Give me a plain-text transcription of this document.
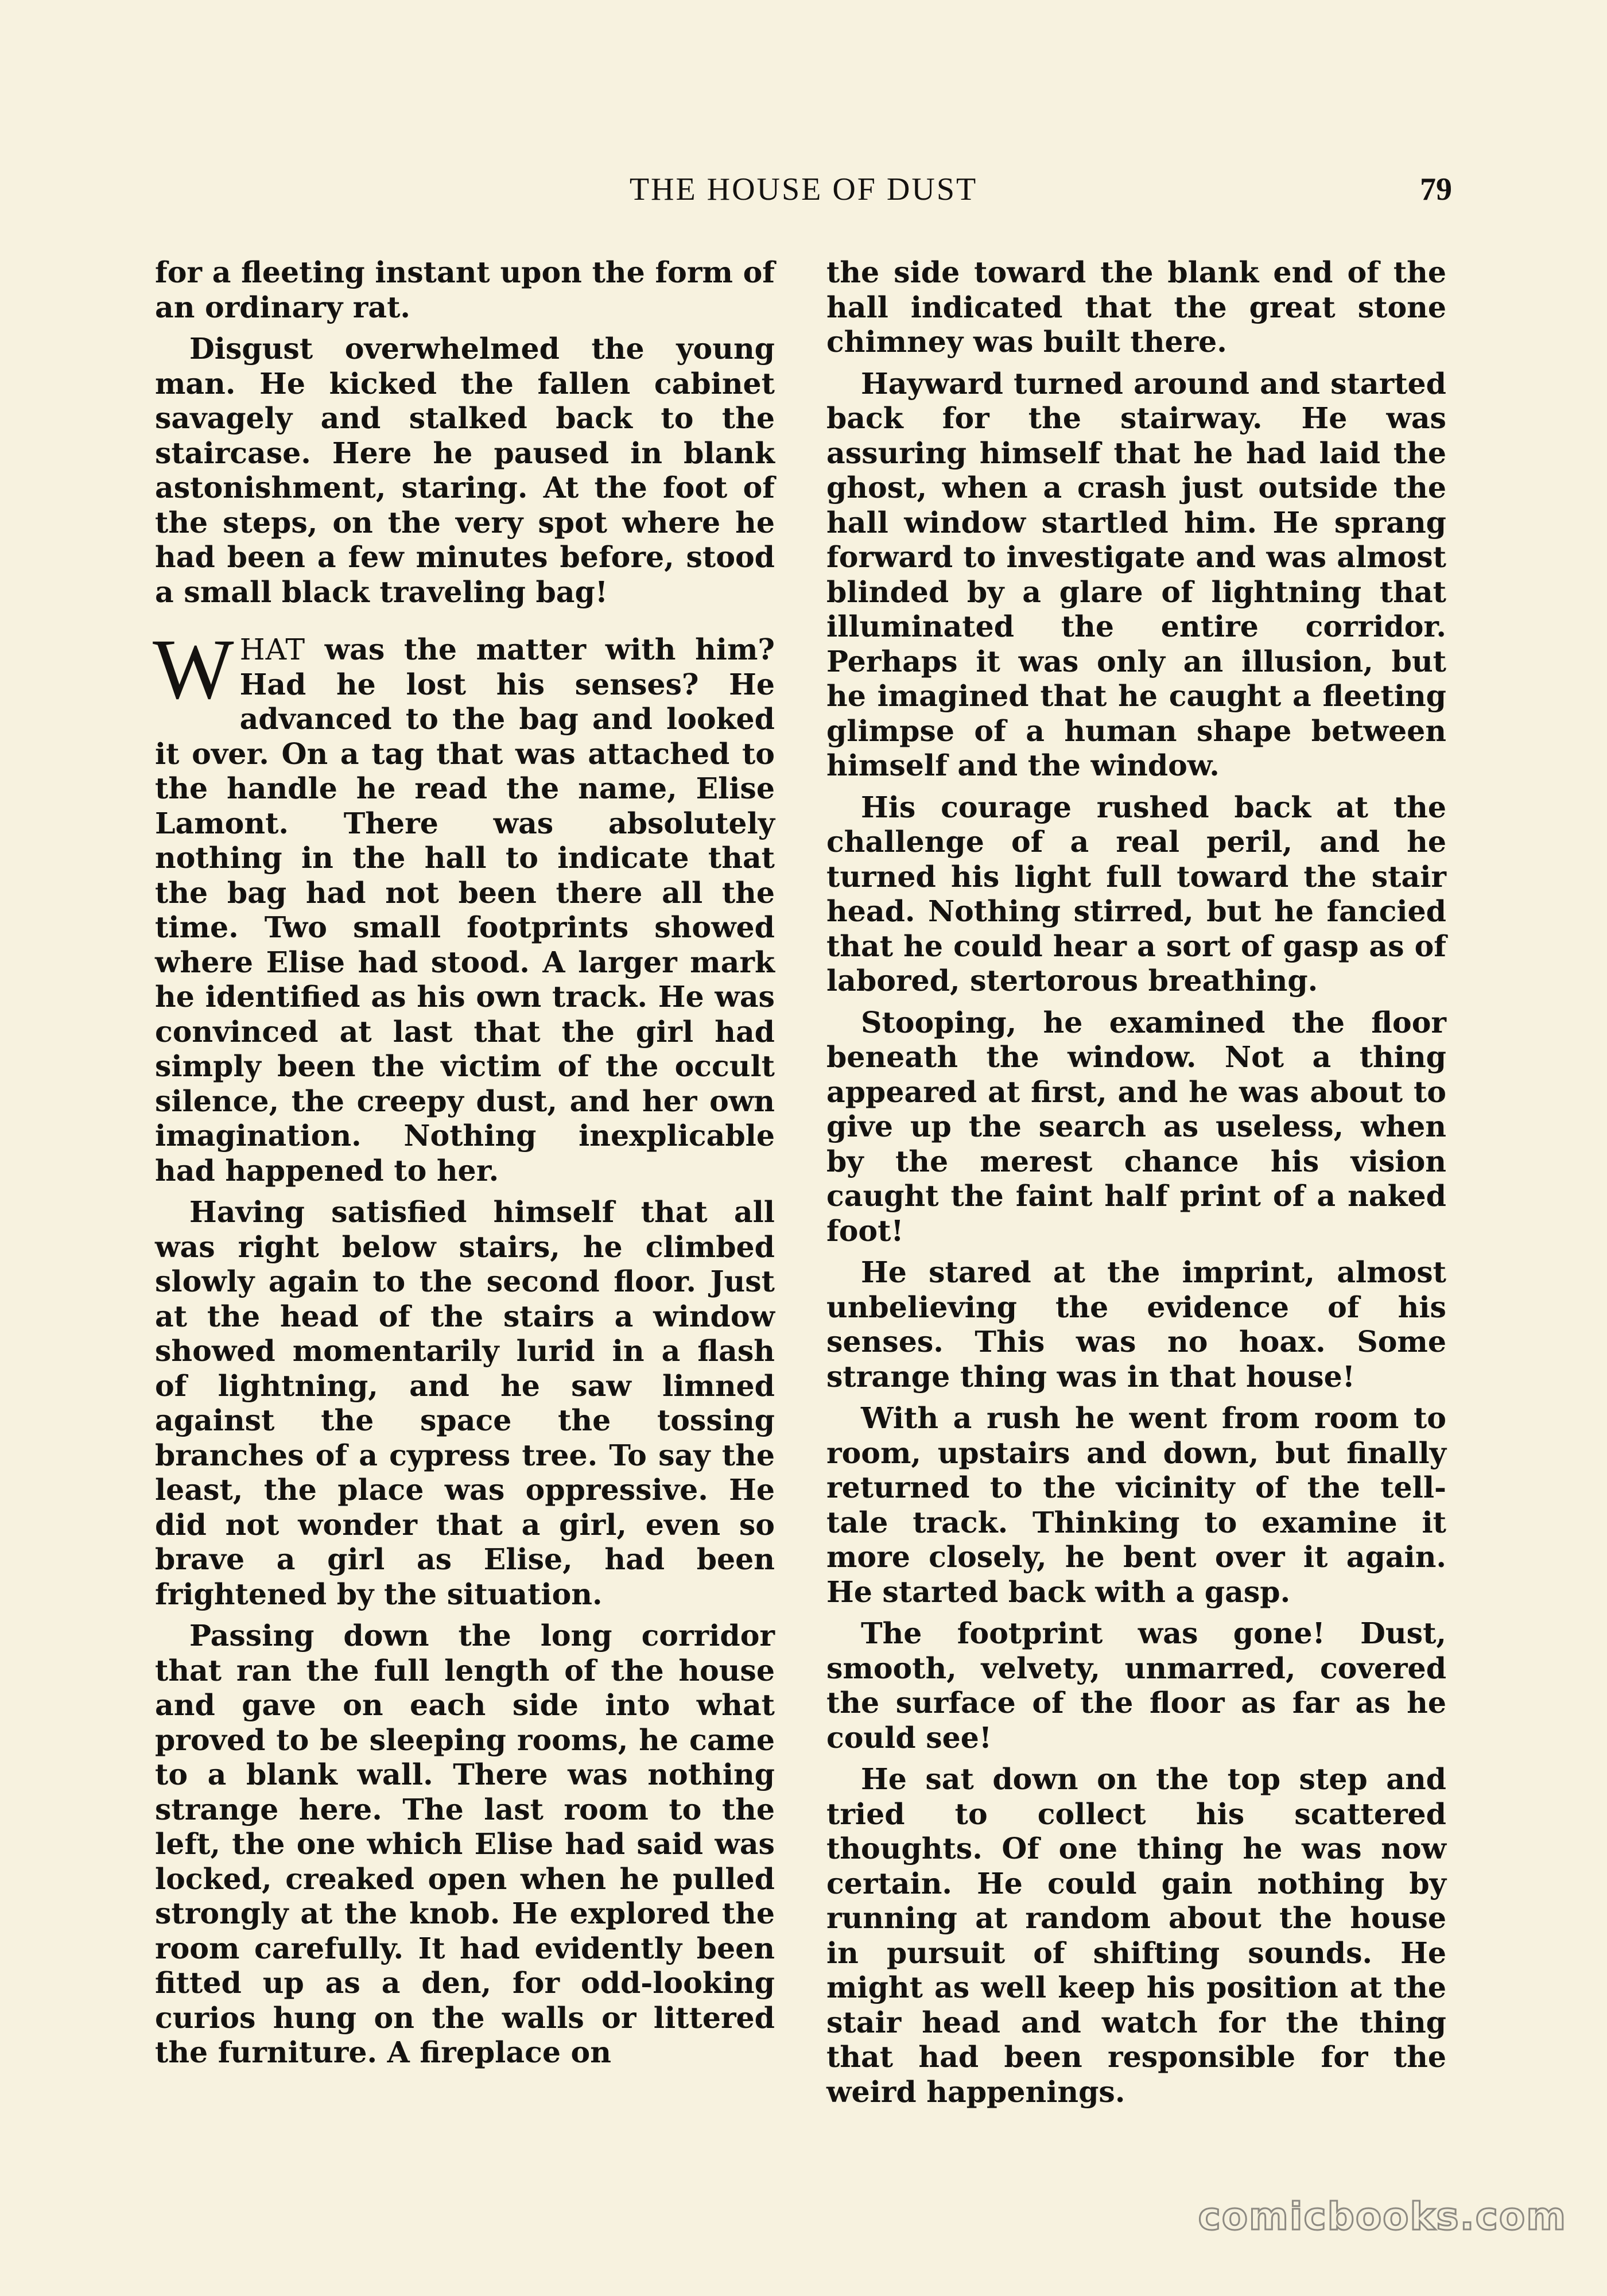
THE HOUSE OF DUST	79

for a fleeting instant upon the form of an ordinary rat.

Disgust overwhelmed the young man. He kicked the fallen cabinet savagely and stalked back to the staircase. Here he paused in blank astonishment, staring. At the foot of the steps, on the very spot where he had been a few minutes before, stood a small black traveling bag!

WHAT was the matter with him? Had he lost his senses? He advanced to the bag and looked it over. On a tag that was attached to the handle he read the name, Elise Lamont. There was absolutely nothing in the hall to indicate that the bag had not been there all the time. Two small footprints showed where Elise had stood. A larger mark he identified as his own track. He was convinced at last that the girl had simply been the victim of the occult silence, the creepy dust, and her own imagination. Nothing inexplicable had happened to her.

Having satisfied himself that all was right below stairs, he climbed slowly again to the second floor. Just at the head of the stairs a window showed momentarily lurid in a flash of lightning, and he saw limned against the space the tossing branches of a cypress tree. To say the least, the place was oppressive. He did not wonder that a girl, even so brave a girl as Elise, had been frightened by the situation.

Passing down the long corridor that ran the full length of the house and gave on each side into what proved to be sleeping rooms, he came to a blank wall. There was nothing strange here. The last room to the left, the one which Elise had said was locked, creaked open when he pulled strongly at the knob. He explored the room carefully. It had evidently been fitted up as a den, for odd-looking curios hung on the walls or littered the furniture. A fireplace on

the side toward the blank end of the hall indicated that the great stone chimney was built there.

Hayward turned around and started back for the stairway. He was assuring himself that he had laid the ghost, when a crash just outside the hall window startled him. He sprang forward to investigate and was almost blinded by a glare of lightning that illuminated the entire corridor. Perhaps it was only an illusion, but he imagined that he caught a fleeting glimpse of a human shape between himself and the window.

His courage rushed back at the challenge of a real peril, and he turned his light full toward the stair head. Nothing stirred, but he fancied that he could hear a sort of gasp as of labored, stertorous breathing.

Stooping, he examined the floor beneath the window. Not a thing appeared at first, and he was about to give up the search as useless, when by the merest chance his vision caught the faint half print of a naked foot!

He stared at the imprint, almost unbelieving the evidence of his senses. This was no hoax. Some strange thing was in that house!

With a rush he went from room to room, upstairs and down, but finally returned to the vicinity of the tell-tale track. Thinking to examine it more closely, he bent over it again. He started back with a gasp.

The footprint was gone! Dust, smooth, velvety, unmarred, covered the surface of the floor as far as he could see!

He sat down on the top step and tried to collect his scattered thoughts. Of one thing he was now certain. He could gain nothing by running at random about the house in pursuit of shifting sounds. He might as well keep his position at the stair head and watch for the thing that had been responsible for the weird happenings.

comicbooks.com
